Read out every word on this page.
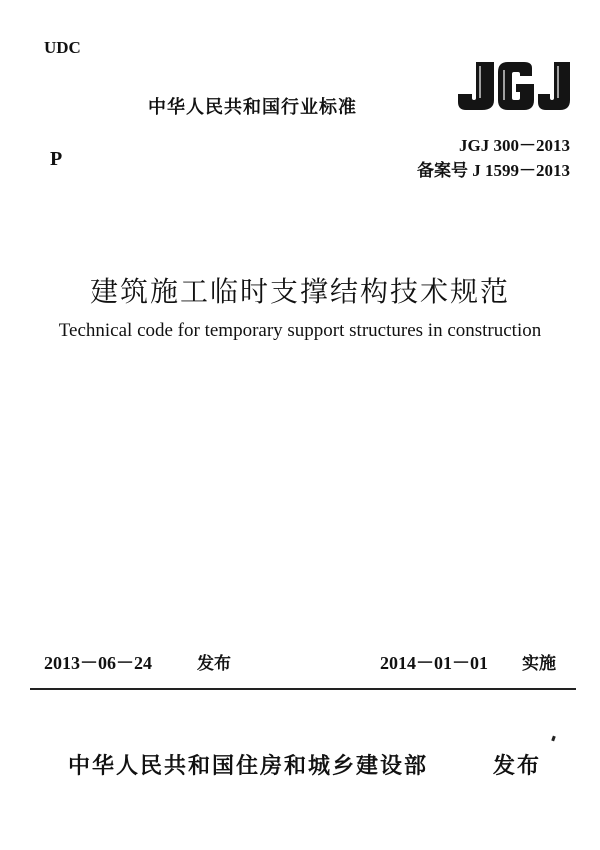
UDC
中华人民共和国行业标准
JGJ 300－2013
备案号 J 1599－2013
P
建筑施工临时支撑结构技术规范
Technical code for temporary support structures in construction
2013－06－24	发布	2014－01－01 实施
中华人民共和国住房和城乡建设部	发布
